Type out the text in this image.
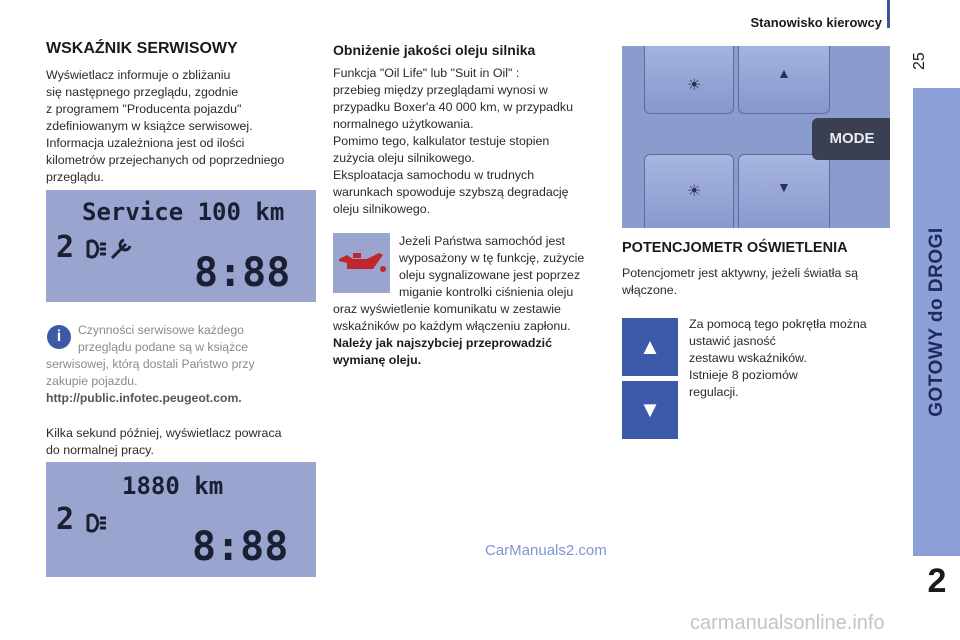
Stanowisko kierowcy
25
GOTOWY do DROGI
2
WSKAŹNIK SERWISOWY
Wyświetlacz informuje o zbliżaniu
się następnego przeglądu, zgodnie
z programem "Producenta pojazdu"
zdefiniowanym w książce serwisowej.
Informacja uzależniona jest od ilości
kilometrów przejechanych od poprzedniego
przeglądu.
Service 100 km
2
8:88
i	Czynności serwisowe każdego
przeglądu podane są w książce
serwisowej, którą dostali Państwo przy
zakupie pojazdu.
http://public.infotec.peugeot.com.
Kilka sekund później, wyświetlacz powraca
do normalnej pracy.
1880 km
2
8:88
Obniżenie jakości oleju silnika
Funkcja "Oil Life" lub "Suit in Oil" :
przebieg między przeglądami wynosi w
przypadku Boxer'a 40 000 km, w przypadku
normalnego użytkowania.
Pomimo tego, kalkulator testuje stopien
zużycia oleju silnikowego.
Eksploatacja samochodu w trudnych
warunkach spowoduje szybszą degradację
oleju silnikowego.
Jeżeli Państwa samochód jest
wyposażony w tę funkcję, zużycie
oleju sygnalizowane jest poprzez
miganie kontrolki ciśnienia oleju
oraz wyświetlenie komunikatu w zestawie
wskaźników po każdym włączeniu zapłonu.
Należy jak najszybciej przeprowadzić
wymianę oleju.
☀
▲
☀	▼
MODE
POTENCJOMETR OŚWIETLENIA
Potencjometr jest aktywny, jeżeli światła są
włączone.
▲
▼
Za pomocą tego pokrętła można
ustawić jasność
zestawu wskaźników.
Istnieje 8 poziomów
regulacji.
CarManuals2.com
carmanualsonline.info
